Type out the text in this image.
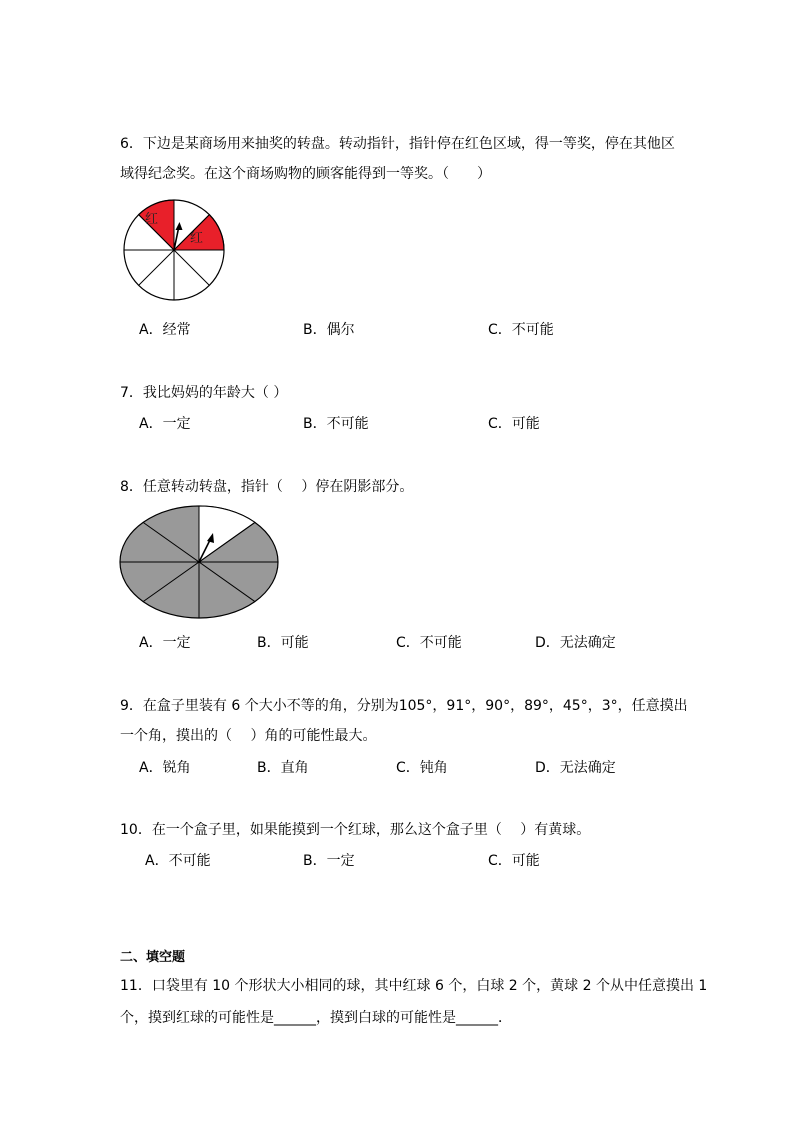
6．下边是某商场用来抽奖的转盘。转动指针，指针停在红色区域，得一等奖，停在其他区
域得纪念奖。在这个商场购物的顾客能得到一等奖。（　　）
红
红
A．经常	B．偶尔	C．不可能
7．我比妈妈的年龄大（ ）
A．一定	B．不可能	C．可能
8．任意转动转盘，指针（　 ）停在阴影部分。
A．一定	B．可能	C．不可能	D．无法确定
9．在盒子里装有 6 个大小不等的角，分别为105°，91°，90°，89°，45°，3°，任意摸出
一个角，摸出的（　 ）角的可能性最大。
A．锐角	B．直角	C．钝角	D．无法确定
10．在一个盒子里，如果能摸到一个红球，那么这个盒子里（　 ）有黄球。
A．不可能	B．一定	C．可能
二、填空题
11．口袋里有 10 个形状大小相同的球，其中红球 6 个，白球 2 个，黄球 2 个从中任意摸出 1
个，摸到红球的可能性是______，摸到白球的可能性是______．
